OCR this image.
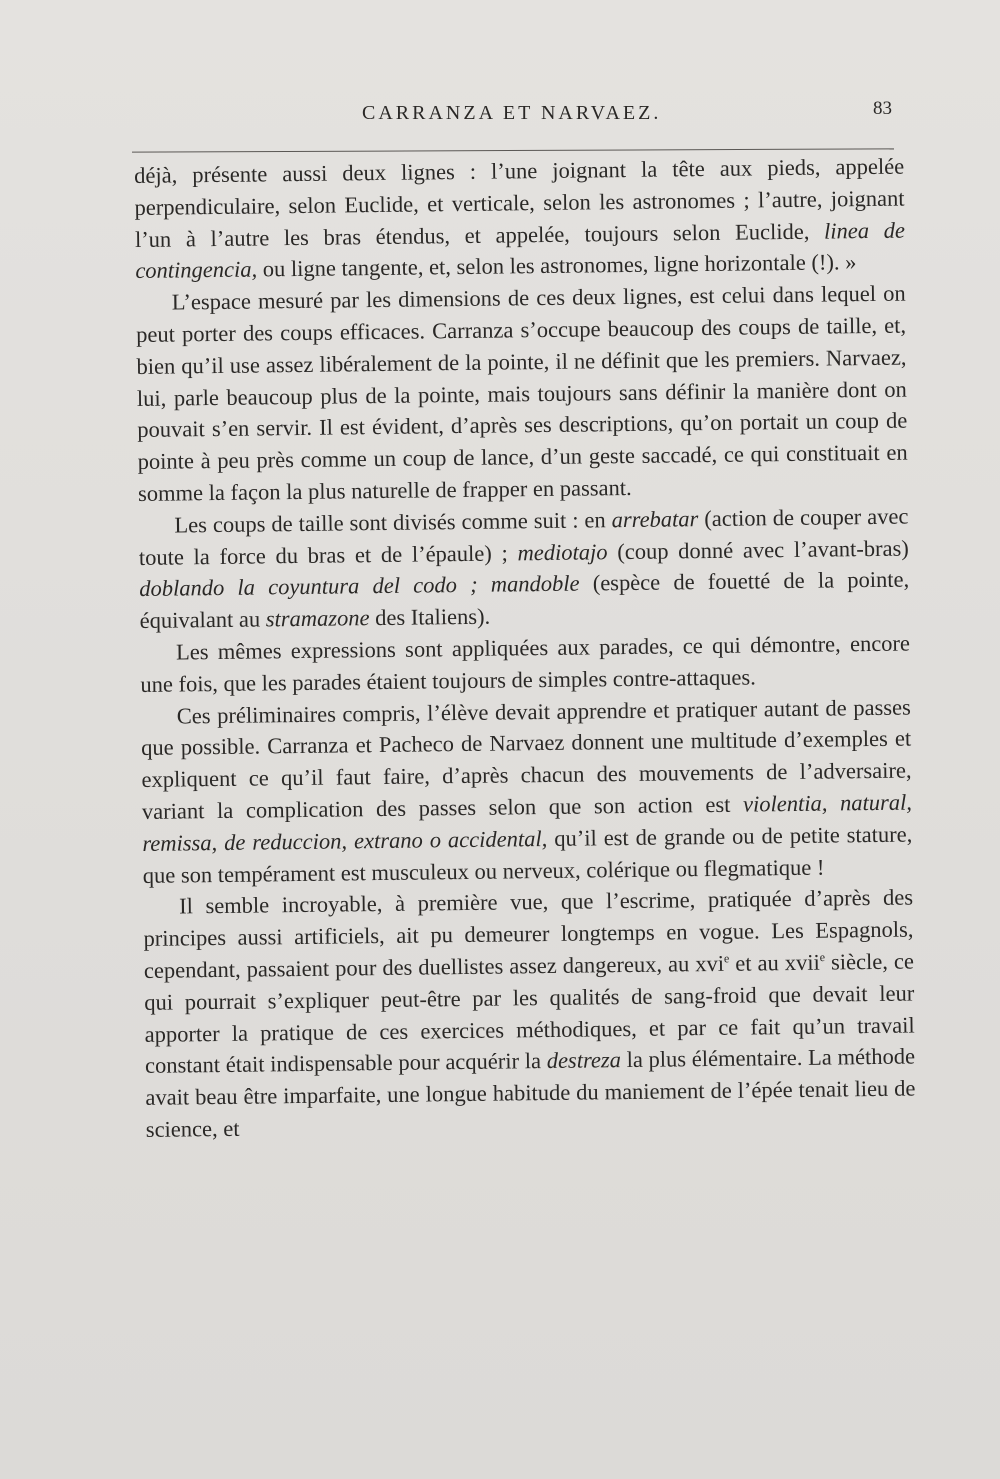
CARRANZA ET NARVAEZ.	83

déjà, présente aussi deux lignes : l’une joignant la tête aux pieds, appelée perpendiculaire, selon Euclide, et verticale, selon les astronomes ; l’autre, joignant l’un à l’autre les bras étendus, et appelée, toujours selon Euclide, linea de contingencia, ou ligne tangente, et, selon les astronomes, ligne horizontale (!). »

L’espace mesuré par les dimensions de ces deux lignes, est celui dans lequel on peut porter des coups efficaces. Carranza s’occupe beaucoup des coups de taille, et, bien qu’il use assez libéralement de la pointe, il ne définit que les premiers. Narvaez, lui, parle beaucoup plus de la pointe, mais toujours sans définir la manière dont on pouvait s’en servir. Il est évident, d’après ses descriptions, qu’on portait un coup de pointe à peu près comme un coup de lance, d’un geste saccadé, ce qui constituait en somme la façon la plus naturelle de frapper en passant.

Les coups de taille sont divisés comme suit : en arrebatar (action de couper avec toute la force du bras et de l’épaule) ; mediotajo (coup donné avec l’avant-bras) doblando la coyuntura del codo ; mandoble (espèce de fouetté de la pointe, équivalant au stramazone des Italiens).

Les mêmes expressions sont appliquées aux parades, ce qui démontre, encore une fois, que les parades étaient toujours de simples contre-attaques.

Ces préliminaires compris, l’élève devait apprendre et pratiquer autant de passes que possible. Carranza et Pacheco de Narvaez donnent une multitude d’exemples et expliquent ce qu’il faut faire, d’après chacun des mouvements de l’adversaire, variant la complication des passes selon que son action est violentia, natural, remissa, de reduccion, extrano o accidental, qu’il est de grande ou de petite stature, que son tempérament est musculeux ou nerveux, colérique ou flegmatique !

Il semble incroyable, à première vue, que l’escrime, pratiquée d’après des principes aussi artificiels, ait pu demeurer longtemps en vogue. Les Espagnols, cependant, passaient pour des duellistes assez dangereux, au xvi$^e$ et au xvii$^e$ siècle, ce qui pourrait s’expliquer peut-être par les qualités de sang-froid que devait leur apporter la pratique de ces exercices méthodiques, et par ce fait qu’un travail constant était indispensable pour acquérir la destreza la plus élémentaire. La méthode avait beau être imparfaite, une longue habitude du maniement de l’épée tenait lieu de science, et
